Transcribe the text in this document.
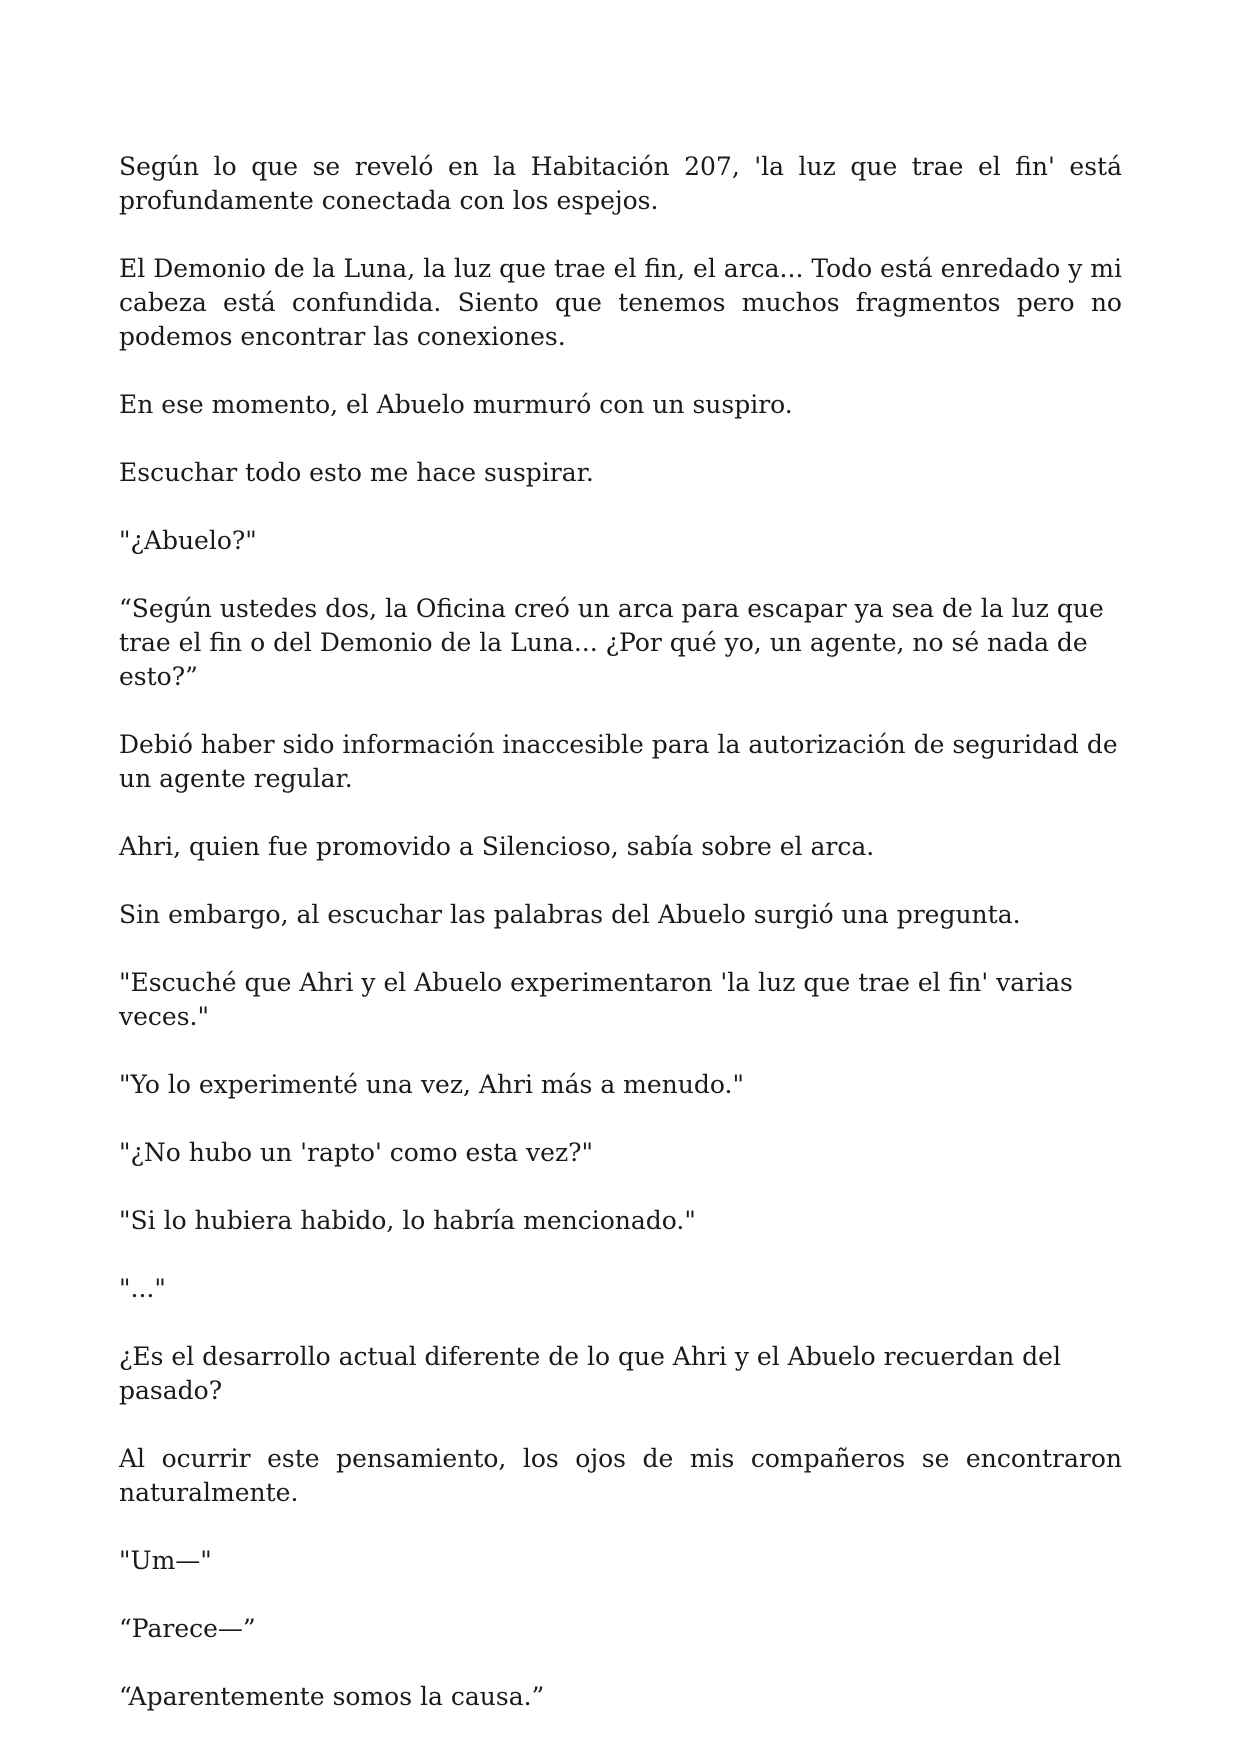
Según lo que se reveló en la Habitación 207, 'la luz que trae el fin' está profundamente conectada con los espejos.

El Demonio de la Luna, la luz que trae el fin, el arca... Todo está enredado y mi cabeza está confundida. Siento que tenemos muchos fragmentos pero no podemos encontrar las conexiones.

En ese momento, el Abuelo murmuró con un suspiro.

Escuchar todo esto me hace suspirar.

"¿Abuelo?"

“Según ustedes dos, la Oficina creó un arca para escapar ya sea de la luz que trae el fin o del Demonio de la Luna... ¿Por qué yo, un agente, no sé nada de esto?”

Debió haber sido información inaccesible para la autorización de seguridad de un agente regular.

Ahri, quien fue promovido a Silencioso, sabía sobre el arca.

Sin embargo, al escuchar las palabras del Abuelo surgió una pregunta.

"Escuché que Ahri y el Abuelo experimentaron 'la luz que trae el fin' varias veces."

"Yo lo experimenté una vez, Ahri más a menudo."

"¿No hubo un 'rapto' como esta vez?"

"Si lo hubiera habido, lo habría mencionado."

"..."

¿Es el desarrollo actual diferente de lo que Ahri y el Abuelo recuerdan del pasado?

Al ocurrir este pensamiento, los ojos de mis compañeros se encontraron naturalmente.

"Um—"

“Parece—”

“Aparentemente somos la causa.”
